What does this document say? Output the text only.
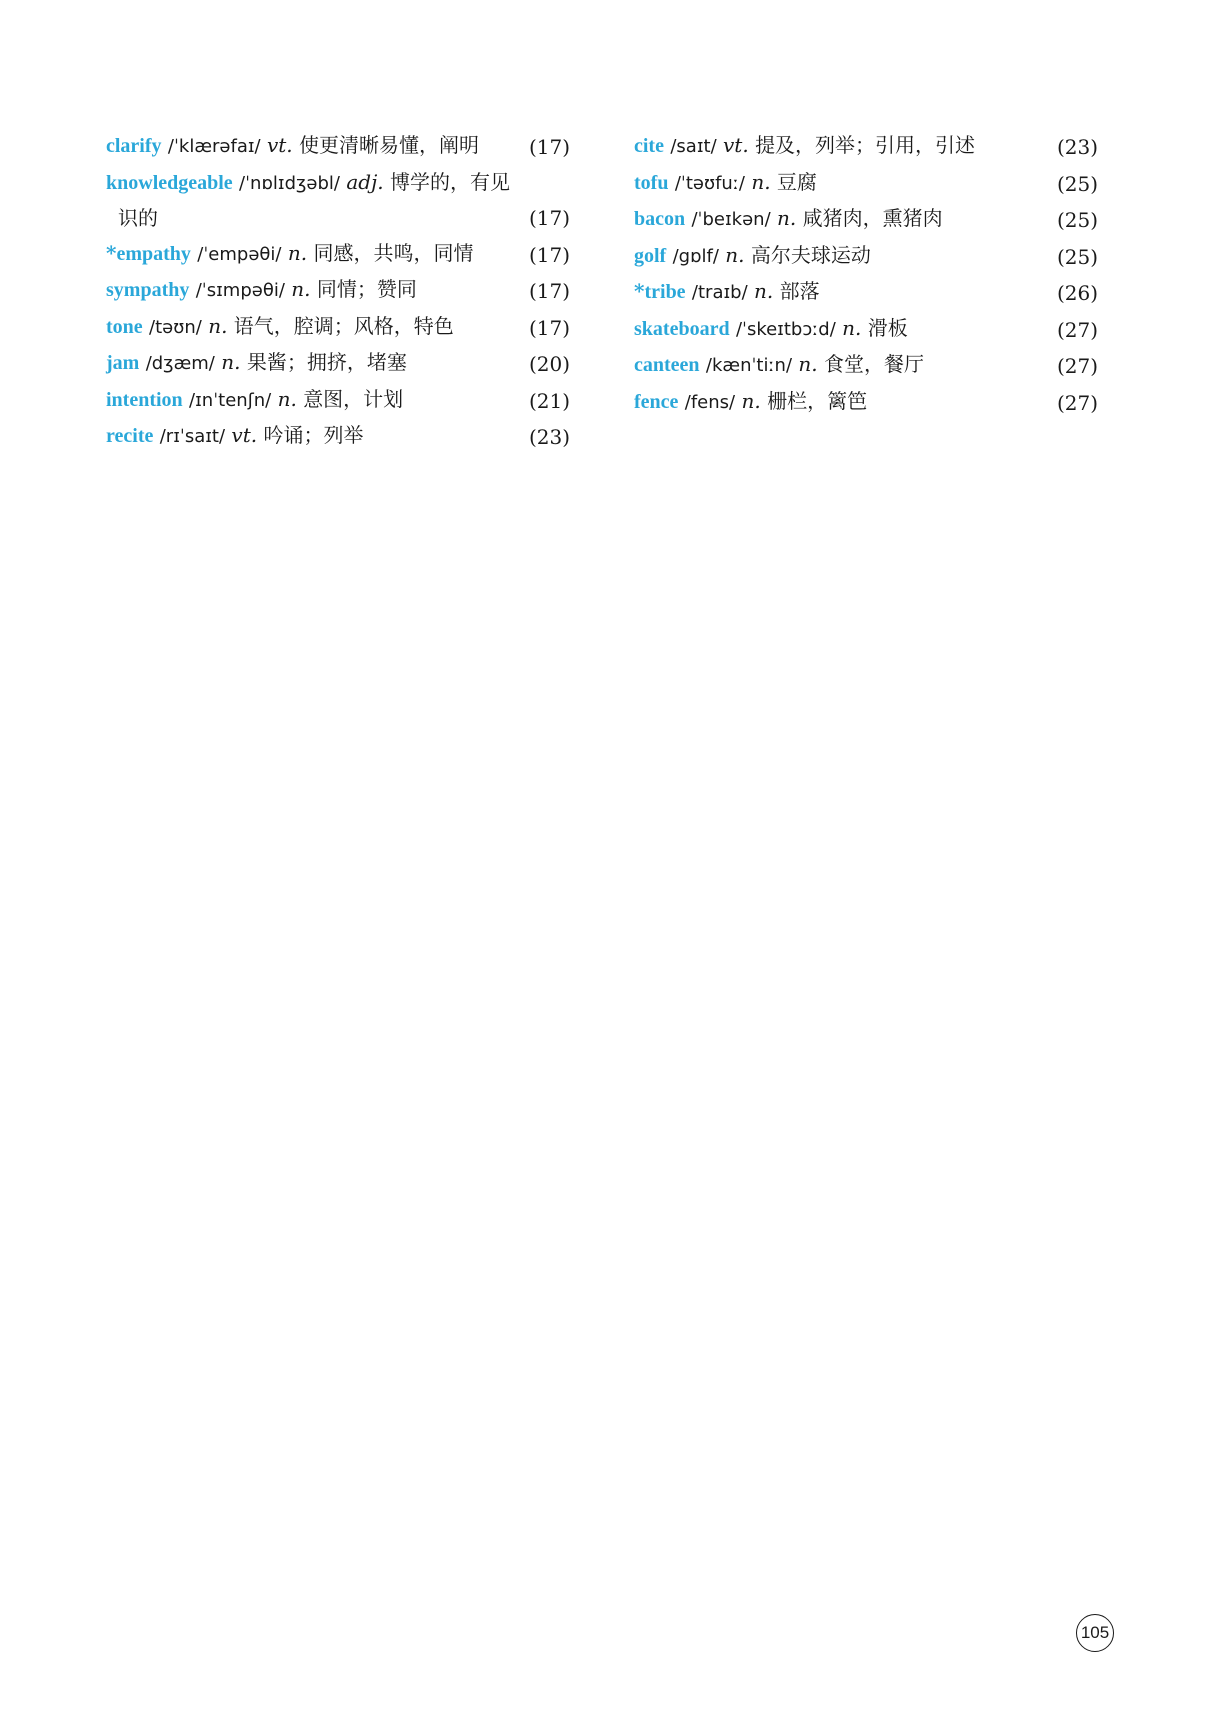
clarify /ˈklærəfaɪ/ vt. 使更清晰易懂，阐明 (17)
knowledgeable /ˈnɒlɪdʒəbl/ adj. 博学的，有见识的	(17)
*empathy /ˈempəθi/ n. 同感，共鸣，同情	(17)
sympathy /ˈsɪmpəθi/ n. 同情；赞同	(17)
tone /təʊn/ n. 语气，腔调；风格，特色	(17)
jam /dʒæm/ n. 果酱；拥挤，堵塞	(20)
intention /ɪnˈtenʃn/ n. 意图，计划	(21)
recite /rɪˈsaɪt/ vt. 吟诵；列举	(23)
cite /saɪt/ vt. 提及，列举；引用，引述	(23)
tofu /ˈtəʊfuː/ n. 豆腐	(25)
bacon /ˈbeɪkən/ n. 咸猪肉，熏猪肉	(25)
golf /gɒlf/ n. 高尔夫球运动	(25)
*tribe /traɪb/ n. 部落	(26)
skateboard /ˈskeɪtbɔːd/ n. 滑板	(27)
canteen /kænˈtiːn/ n. 食堂，餐厅	(27)
fence /fens/ n. 栅栏，篱笆	(27)
105
